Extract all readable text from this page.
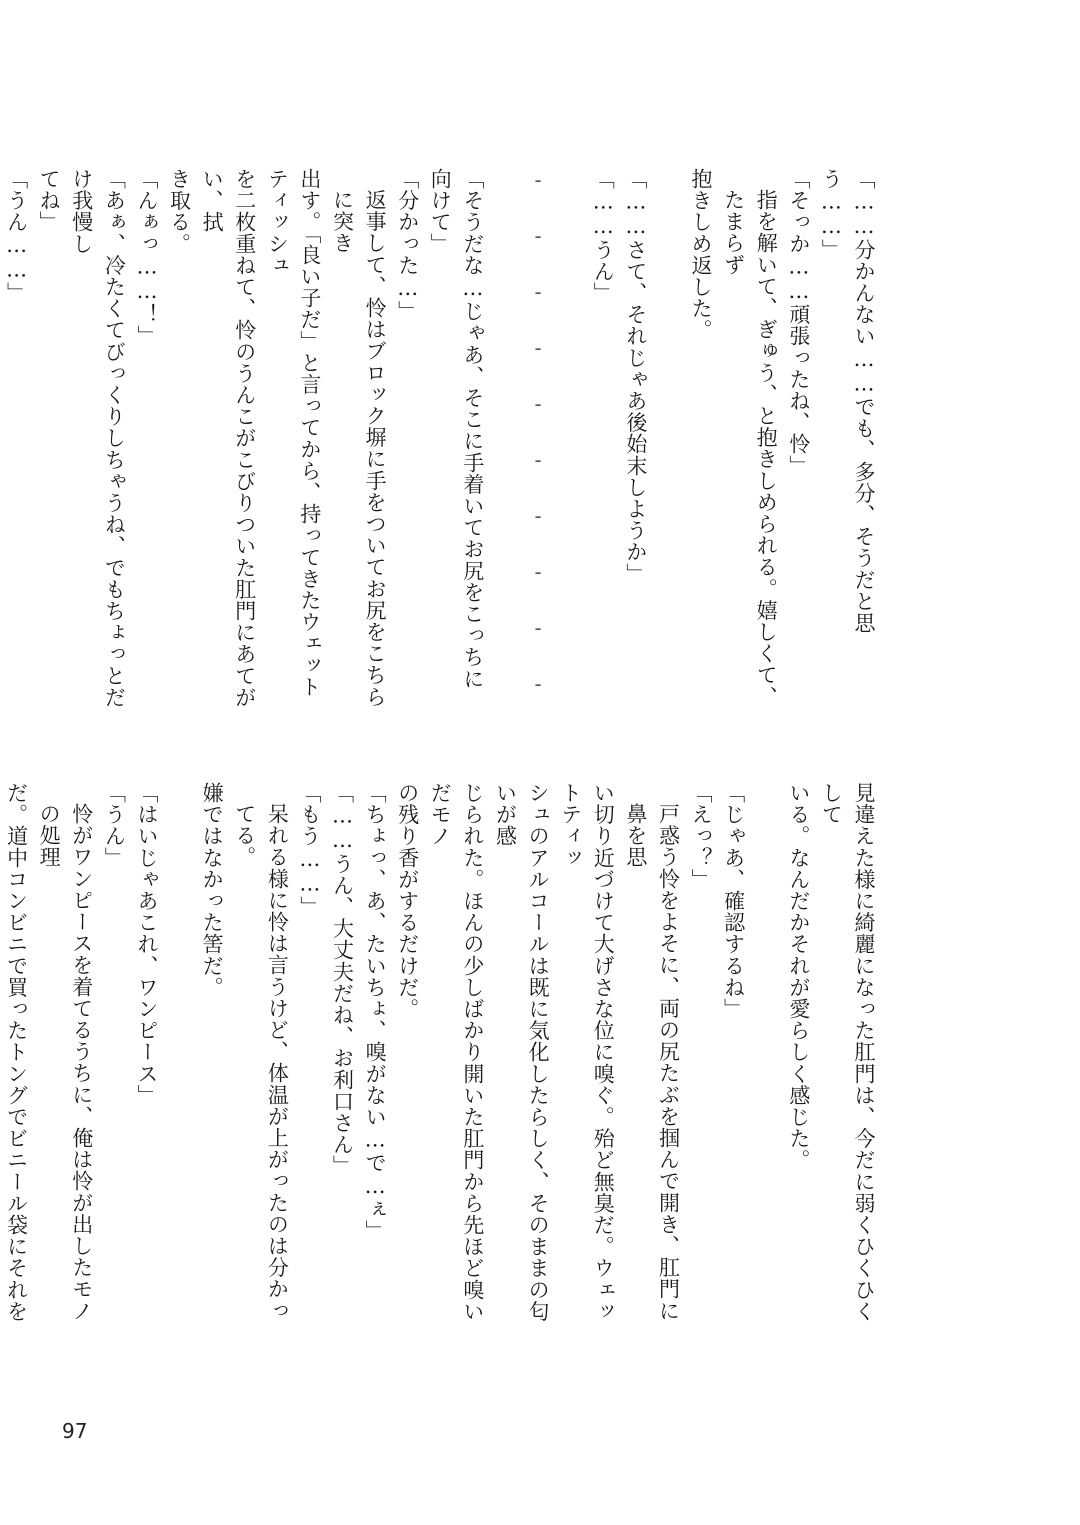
「……分かんない……でも、多分、そうだと思う……」
「そっか……頑張ったね、怜」
指を解いて、ぎゅう、と抱きしめられる。嬉しくて、たまらず
抱きしめ返した。

「……さて、それじゃあ後始末しようか」
「……うん」

- - - - - - - - - -

「そうだな…じゃあ、そこに手着いてお尻をこっちに向けて」
「分かった…」
返事して、怜はブロック塀に手をついてお尻をこちらに突き
出す。「良い子だ」と言ってから、持ってきたウェットティッシュ
を二枚重ねて、怜のうんこがこびりついた肛門にあてがい、拭
き取る。
「んぁっ……！」
「あぁ、冷たくてびっくりしちゃうね、でもちょっとだけ我慢し
てね」
「うん……」
見違えた様に綺麗になった肛門は、今だに弱くひくひくして
いる。なんだかそれが愛らしく感じた。

「じゃあ、確認するね」
「えっ？」
戸惑う怜をよそに、両の尻たぶを掴んで開き、肛門に鼻を思
い切り近づけて大げさな位に嗅ぐ。殆ど無臭だ。ウェットティッ
シュのアルコールは既に気化したらしく、そのままの匂いが感
じられた。ほんの少しばかり開いた肛門から先ほど嗅いだモノ
の残り香がするだけだ。
「ちょっ、あ、たいちょ、嗅がない…で…ぇ」
「……うん、大丈夫だね、お利口さん」
「もう……」
呆れる様に怜は言うけど、体温が上がったのは分かってる。
嫌ではなかった筈だ。

「はいじゃあこれ、ワンピース」
「うん」
怜がワンピースを着てるうちに、俺は怜が出したモノの処理
だ。道中コンビニで買ったトングでビニール袋にそれを
97
